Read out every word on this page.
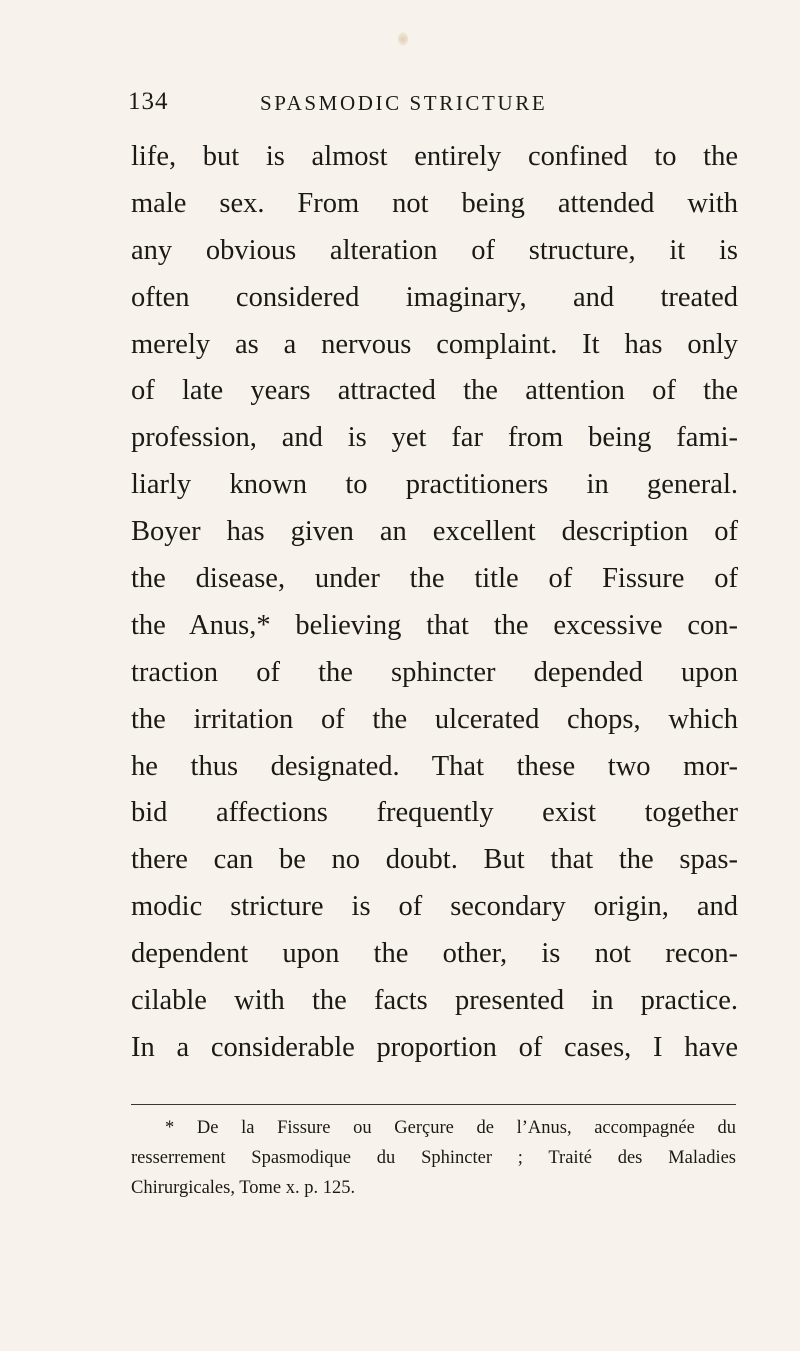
134	SPASMODIC STRICTURE
life, but is almost entirely confined to the
male sex. From not being attended with
any obvious alteration of structure, it is
often considered imaginary, and treated
merely as a nervous complaint. It has only
of late years attracted the attention of the
profession, and is yet far from being fami-
liarly known to practitioners in general.
Boyer has given an excellent description of
the disease, under the title of Fissure of
the Anus,* believing that the excessive con-
traction of the sphincter depended upon
the irritation of the ulcerated chops, which
he thus designated. That these two mor-
bid affections frequently exist together
there can be no doubt. But that the spas-
modic stricture is of secondary origin, and
dependent upon the other, is not recon-
cilable with the facts presented in practice.
In a considerable proportion of cases, I have
* De la Fissure ou Gerçure de l’Anus, accompagnée du
resserrement Spasmodique du Sphincter ; Traité des Maladies
Chirurgicales, Tome x. p. 125.
